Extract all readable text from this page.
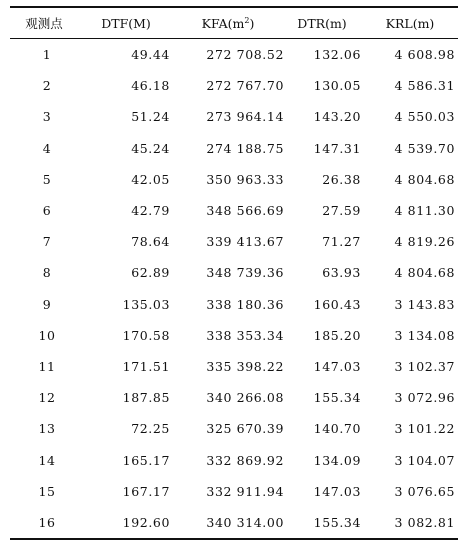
观测点	DTF(M)	$KFA(m^2)$	DTR(m)	KRL(m)
1	49.44	272 708.52	132.06	4 608.98
2	46.18	272 767.70	130.05	4 586.31
3	51.24	273 964.14	143.20	4 550.03
4	45.24	274 188.75	147.31	4 539.70
5	42.05	350 963.33	26.38	4 804.68
6	42.79	348 566.69	27.59	4 811.30
7	78.64	339 413.67	71.27	4 819.26
8	62.89	348 739.36	63.93	4 804.68
9	135.03	338 180.36	160.43	3 143.83
10	170.58	338 353.34	185.20	3 134.08
11	171.51	335 398.22	147.03	3 102.37
12	187.85	340 266.08	155.34	3 072.96
13	72.25	325 670.39	140.70	3 101.22
14	165.17	332 869.92	134.09	3 104.07
15	167.17	332 911.94	147.03	3 076.65
16	192.60	340 314.00	155.34	3 082.81
